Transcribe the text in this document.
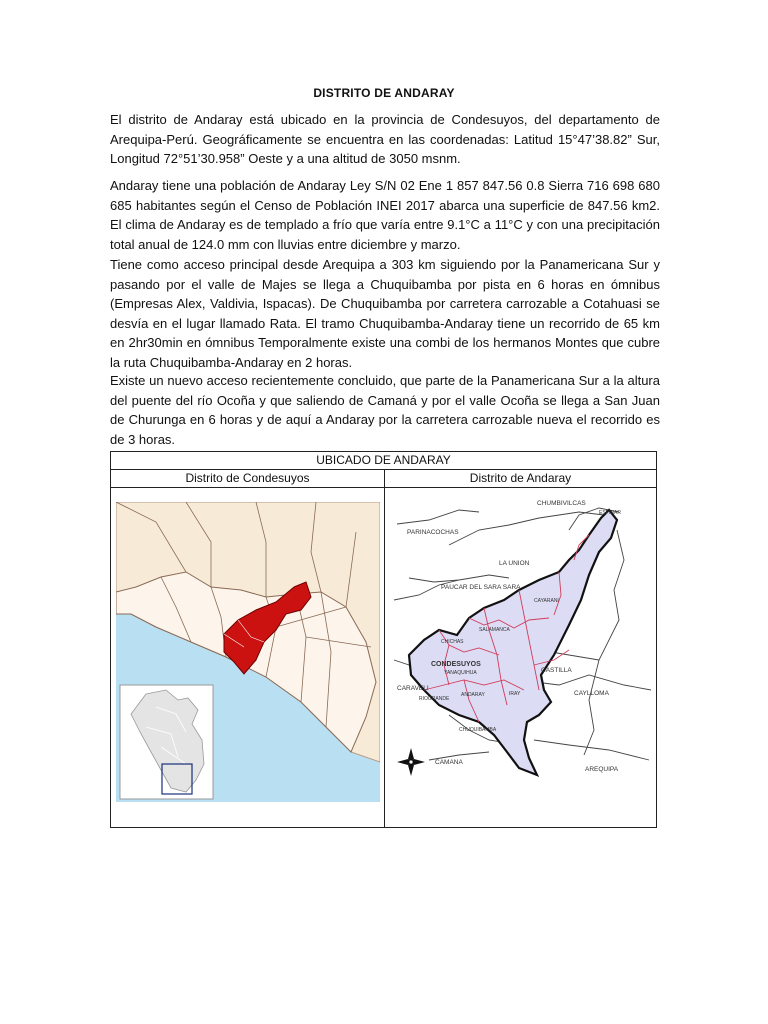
DISTRITO DE ANDARAY

El distrito de Andaray está ubicado en la provincia de Condesuyos, del departamento de Arequipa-Perú. Geográficamente se encuentra en las coordenadas: Latitud 15°47’38.82” Sur, Longitud 72°51’30.958” Oeste y a una altitud de 3050 msnm.

Andaray tiene una población de Andaray Ley S/N 02 Ene 1 857 847.56 0.8 Sierra 716 698 680 685 habitantes según el Censo de Población INEI 2017 abarca una superficie de 847.56 km2. El clima de Andaray es de templado a frío que varía entre 9.1°C a 11°C y con una precipitación total anual de 124.0 mm con lluvias entre diciembre y marzo.

Tiene como acceso principal desde Arequipa a 303 km siguiendo por la Panamericana Sur y pasando por el valle de Majes se llega a Chuquibamba por pista en 6 horas en ómnibus (Empresas Alex, Valdivia, Ispacas). De Chuquibamba por carretera carrozable a Cotahuasi se desvía en el lugar llamado Rata. El tramo Chuquibamba-Andaray tiene un recorrido de 65 km en 2hr30min en ómnibus Temporalmente existe una combi de los hermanos Montes que cubre la ruta Chuquibamba-Andaray en 2 horas.

Existe un nuevo acceso recientemente concluido, que parte de la Panamericana Sur a la altura del puente del río Ocoña y que saliendo de Camaná y por el valle Ocoña se llega a San Juan de Churunga en 6 horas y de aquí a Andaray por la carretera carrozable nueva el recorrido es de 3 horas.

UBICADO DE ANDARAY
Distrito de Condesuyos	Distrito de Andaray
CHUMBIVILCAS
PARINACOCHAS
LA UNION
PAUCAR DEL SARA SARA
CAYARANI
ESPINAR
SALAMANCA
CHICHAS
CONDESUYOS
YANAQUIHUA	CASTILLA
CAYLLOMA
CARAVELI
RIOGRANDE
ANDARAY	IRAY
CHUQUIBAMBA
CAMANA
AREQUIPA
